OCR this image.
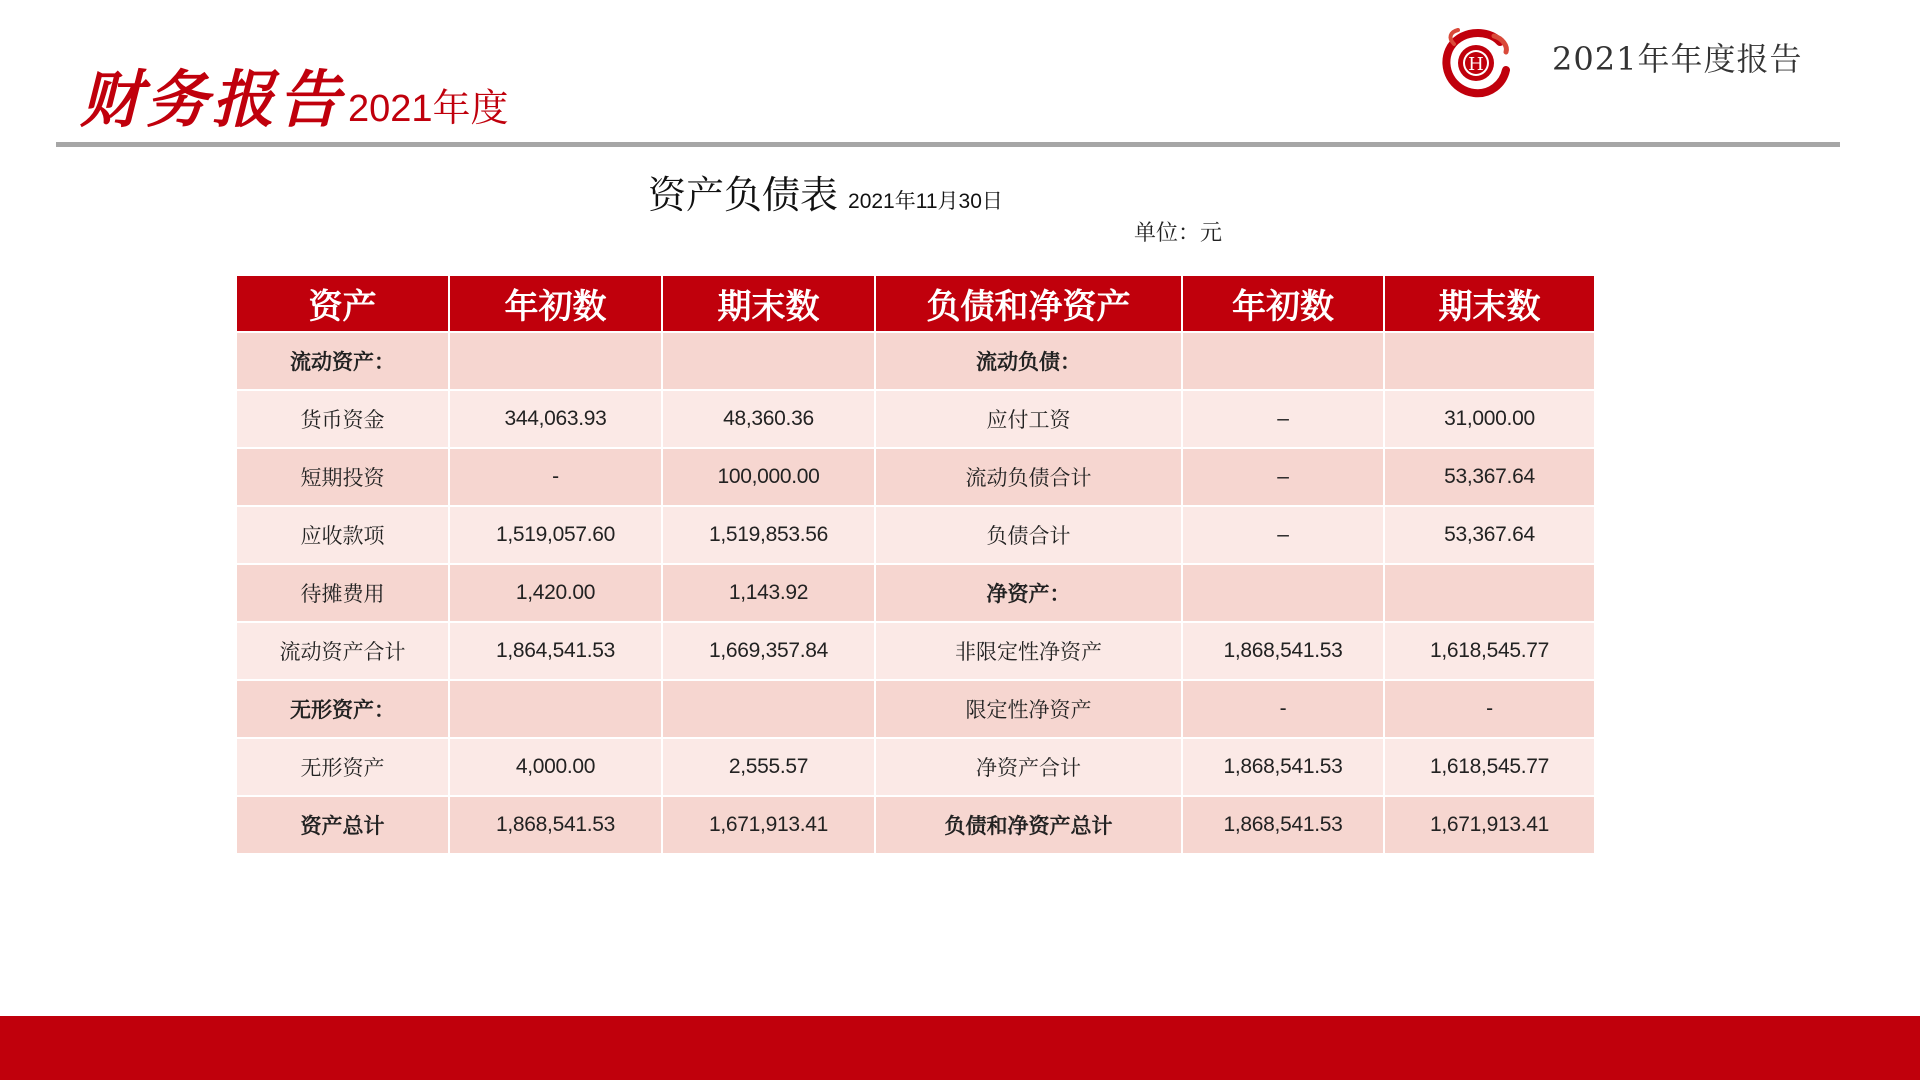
财务报告 2021年度
H 2021年年度报告
资产负债表 2021年11月30日
单位：元
资产	年初数	期末数	负债和净资产	年初数	期末数
流动资产：			流动负债：		
货币资金	344,063.93	48,360.36	应付工资	–	31,000.00
短期投资	-	100,000.00	流动负债合计	–	53,367.64
应收款项	1,519,057.60	1,519,853.56	负债合计	–	53,367.64
待摊费用	1,420.00	1,143.92	净资产：		
流动资产合计	1,864,541.53	1,669,357.84	非限定性净资产	1,868,541.53	1,618,545.77
无形资产：			限定性净资产	-	-
无形资产	4,000.00	2,555.57	净资产合计	1,868,541.53	1,618,545.77
资产总计	1,868,541.53	1,671,913.41	负债和净资产总计	1,868,541.53	1,671,913.41
